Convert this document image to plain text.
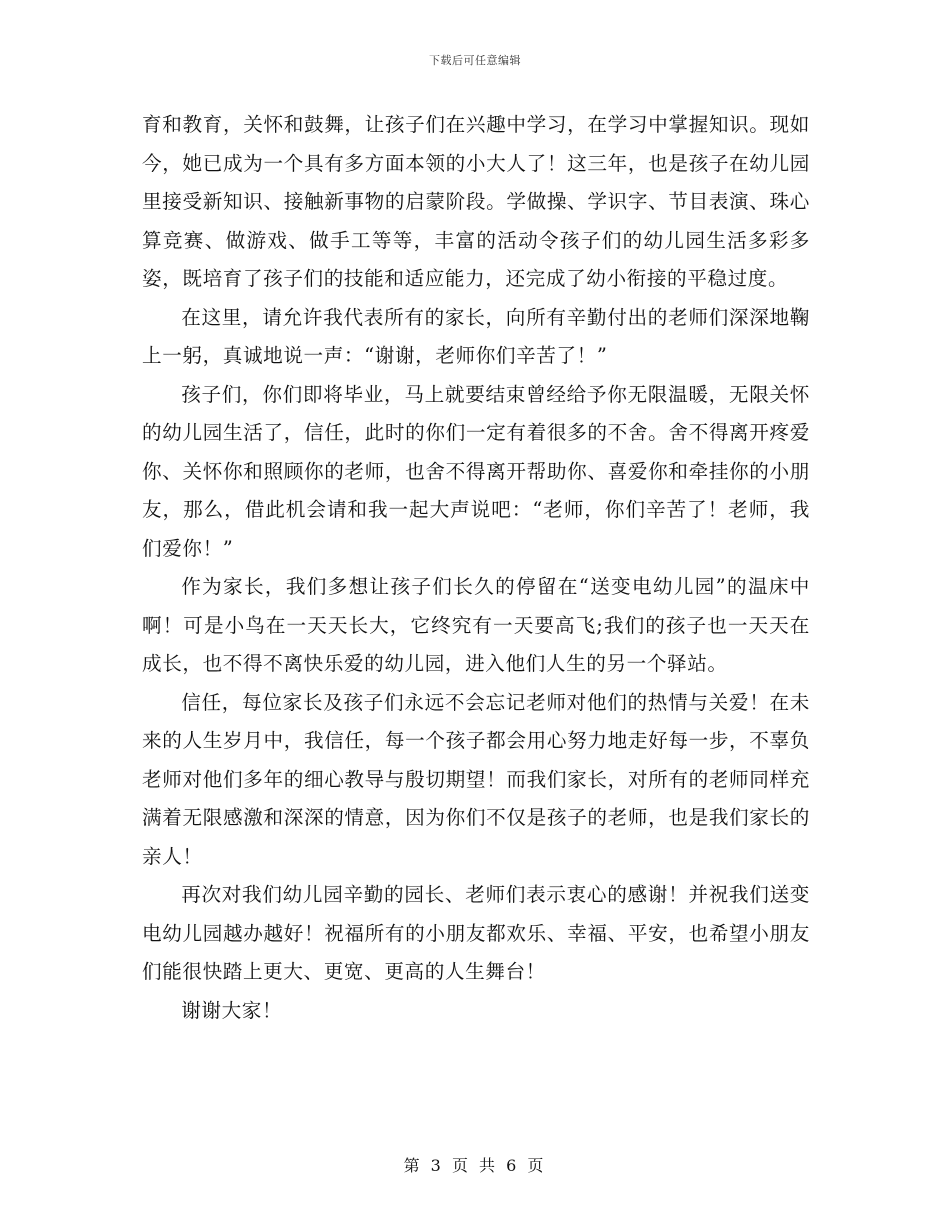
下载后可任意编辑

育和教育，关怀和鼓舞，让孩子们在兴趣中学习，在学习中掌握知识。现如今，她已成为一个具有多方面本领的小大人了！这三年，也是孩子在幼儿园里接受新知识、接触新事物的启蒙阶段。学做操、学识字、节目表演、珠心算竞赛、做游戏、做手工等等，丰富的活动令孩子们的幼儿园生活多彩多姿，既培育了孩子们的技能和适应能力，还完成了幼小衔接的平稳过度。

在这里，请允许我代表所有的家长，向所有辛勤付出的老师们深深地鞠上一躬，真诚地说一声：“谢谢，老师你们辛苦了！”

孩子们，你们即将毕业，马上就要结束曾经给予你无限温暖，无限关怀的幼儿园生活了，信任，此时的你们一定有着很多的不舍。舍不得离开疼爱你、关怀你和照顾你的老师，也舍不得离开帮助你、喜爱你和牵挂你的小朋友，那么，借此机会请和我一起大声说吧：“老师，你们辛苦了！老师，我们爱你！”

作为家长，我们多想让孩子们长久的停留在“送变电幼儿园”的温床中啊！可是小鸟在一天天长大，它终究有一天要高飞;我们的孩子也一天天在成长，也不得不离快乐爱的幼儿园，进入他们人生的另一个驿站。

信任，每位家长及孩子们永远不会忘记老师对他们的热情与关爱！在未来的人生岁月中，我信任，每一个孩子都会用心努力地走好每一步，不辜负老师对他们多年的细心教导与殷切期望！而我们家长，对所有的老师同样充满着无限感激和深深的情意，因为你们不仅是孩子的老师，也是我们家长的亲人！

再次对我们幼儿园辛勤的园长、老师们表示衷心的感谢！并祝我们送变电幼儿园越办越好！祝福所有的小朋友都欢乐、幸福、平安，也希望小朋友们能很快踏上更大、更宽、更高的人生舞台！

谢谢大家！

第 3 页 共 6 页
